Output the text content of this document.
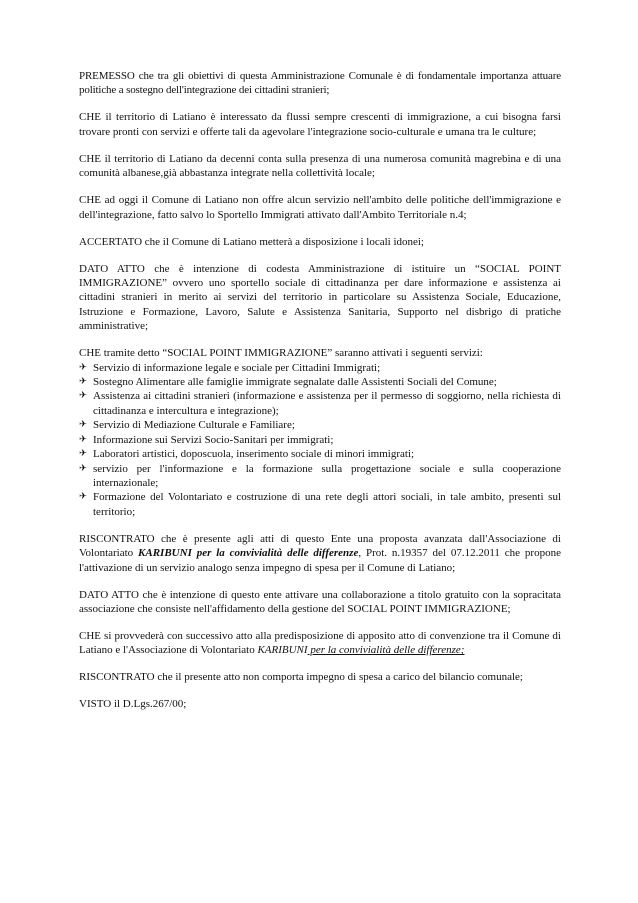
PREMESSO che tra gli obiettivi di questa Amministrazione Comunale è di fondamentale importanza attuare politiche a sostegno dell'integrazione dei cittadini stranieri;

CHE il territorio di Latiano è interessato da flussi sempre crescenti di immigrazione, a cui bisogna farsi trovare pronti con servizi e offerte tali da agevolare l'integrazione socio-culturale e umana tra le culture;

CHE il territorio di Latiano da decenni conta sulla presenza di una numerosa comunità magrebina e di una comunità albanese,già abbastanza integrate nella collettività locale;

CHE ad oggi il Comune di Latiano non offre alcun servizio nell'ambito delle politiche dell'immigrazione e dell'integrazione, fatto salvo lo Sportello Immigrati attivato dall'Ambito Territoriale n.4;

ACCERTATO che il Comune di Latiano metterà a disposizione i locali idonei;

DATO ATTO che è intenzione di codesta Amministrazione di istituire un “SOCIAL POINT IMMIGRAZIONE” ovvero uno sportello sociale di cittadinanza per dare informazione e assistenza ai cittadini stranieri in merito ai servizi del territorio in particolare su Assistenza Sociale, Educazione, Istruzione e Formazione, Lavoro, Salute e Assistenza Sanitaria, Supporto nel disbrigo di pratiche amministrative;

CHE tramite detto “SOCIAL POINT IMMIGRAZIONE” saranno attivati i seguenti servizi:

✈ Servizio di informazione legale e sociale per Cittadini Immigrati;
✈ Sostegno Alimentare alle famiglie immigrate segnalate dalle Assistenti Sociali del Comune;
✈ Assistenza ai cittadini stranieri (informazione e assistenza per il permesso di soggiorno, nella richiesta di cittadinanza e intercultura e integrazione);
✈ Servizio di Mediazione Culturale e Familiare;
✈ Informazione sui Servizi Socio-Sanitari per immigrati;
✈ Laboratori artistici, doposcuola, inserimento sociale di minori immigrati;
✈ servizio per l'informazione e la formazione sulla progettazione sociale e sulla cooperazione internazionale;
✈ Formazione del Volontariato e costruzione di una rete degli attori sociali, in tale ambito, presenti sul territorio;

RISCONTRATO che è presente agli atti di questo Ente una proposta avanzata dall'Associazione di Volontariato KARIBUNI per la convivialità delle differenze, Prot. n.19357 del 07.12.2011 che propone l'attivazione di un servizio analogo senza impegno di spesa per il Comune di Latiano;

DATO ATTO che è intenzione di questo ente attivare una collaborazione a titolo gratuito con la sopracitata associazione che consiste nell'affidamento della gestione del SOCIAL POINT IMMIGRAZIONE;

CHE si provvederà con successivo atto alla predisposizione di apposito atto di convenzione tra il Comune di Latiano e l'Associazione di Volontariato KARIBUNI per la convivialità delle differenze;

RISCONTRATO che il presente atto non comporta impegno di spesa a carico del bilancio comunale;

VISTO il D.Lgs.267/00;
